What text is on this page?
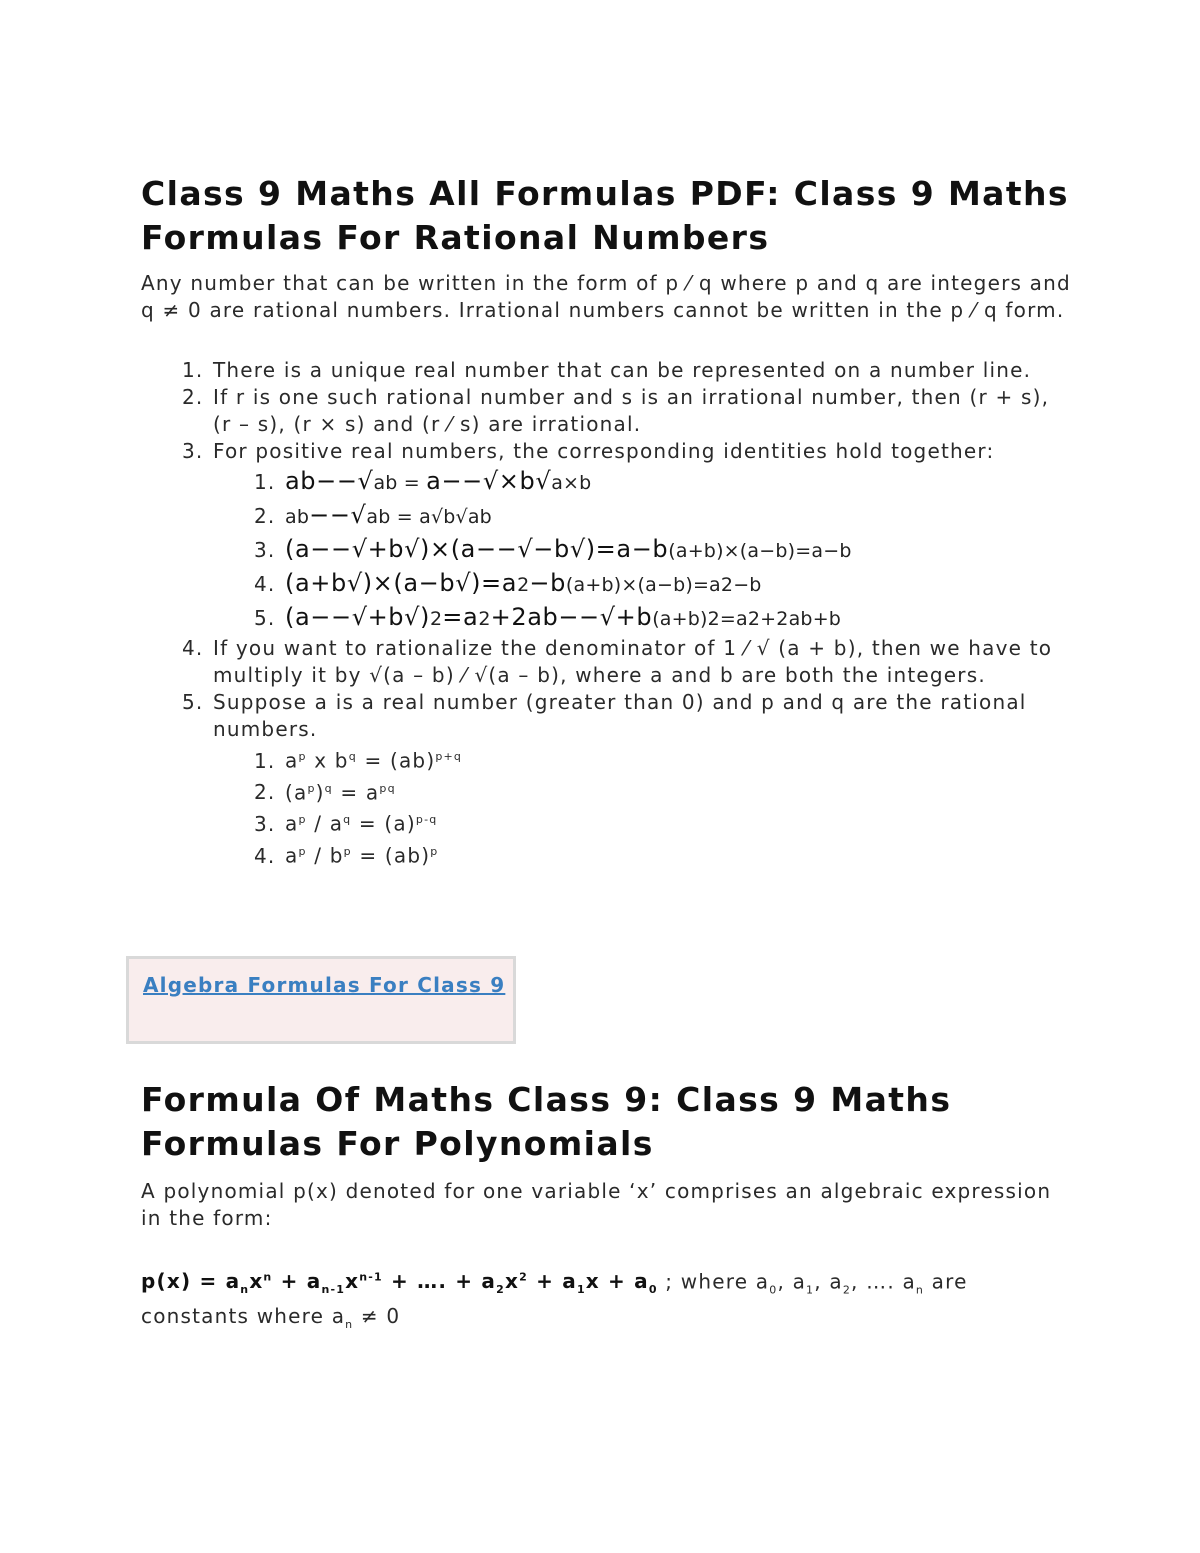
Class 9 Maths All Formulas PDF: Class 9 Maths Formulas For Rational Numbers

Any number that can be written in the form of p ⁄ q where p and q are integers and q ≠ 0 are rational numbers. Irrational numbers cannot be written in the p ⁄ q form.

1. There is a unique real number that can be represented on a number line.
2. If r is one such rational number and s is an irrational number, then (r + s), (r – s), (r × s) and (r ⁄ s) are irrational.
3. For positive real numbers, the corresponding identities hold together:
1. ab−−√ab = a−−√×b√a×b
2. ab−−√ab = a√b√ab
3. (a−−√+b√)×(a−−√−b√)=a−b(a+b)×(a−b)=a−b
4. (a+b√)×(a−b√)=a2−b(a+b)×(a−b)=a2−b
5. (a−−√+b√)2=a2+2ab−−√+b(a+b)2=a2+2ab+b
4. If you want to rationalize the denominator of 1 ⁄ √ (a + b), then we have to multiply it by √(a – b) ⁄ √(a – b), where a and b are both the integers.
5. Suppose a is a real number (greater than 0) and p and q are the rational numbers.
1. $a^p$ x $b^q = (ab)^{p+q}$
2. $(a^p)^q = a^{pq}$
3. $a^p / a^q = (a)^{p-q}$
4. $a^p / b^p = (ab)^p$
Algebra Formulas For Class 9
Formula Of Maths Class 9: Class 9 Maths Formulas For Polynomials

A polynomial p(x) denoted for one variable ‘x’ comprises an algebraic expression in the form:

$p(x) = a_nx^n + a_{n-1}x^{n-1}$ + …. + $a_2x^2 + a_1x + a_0$ ; where $a_0$, $a_1$, $a_2$, …. $a_n$ are constants where $a_n \ne 0$
